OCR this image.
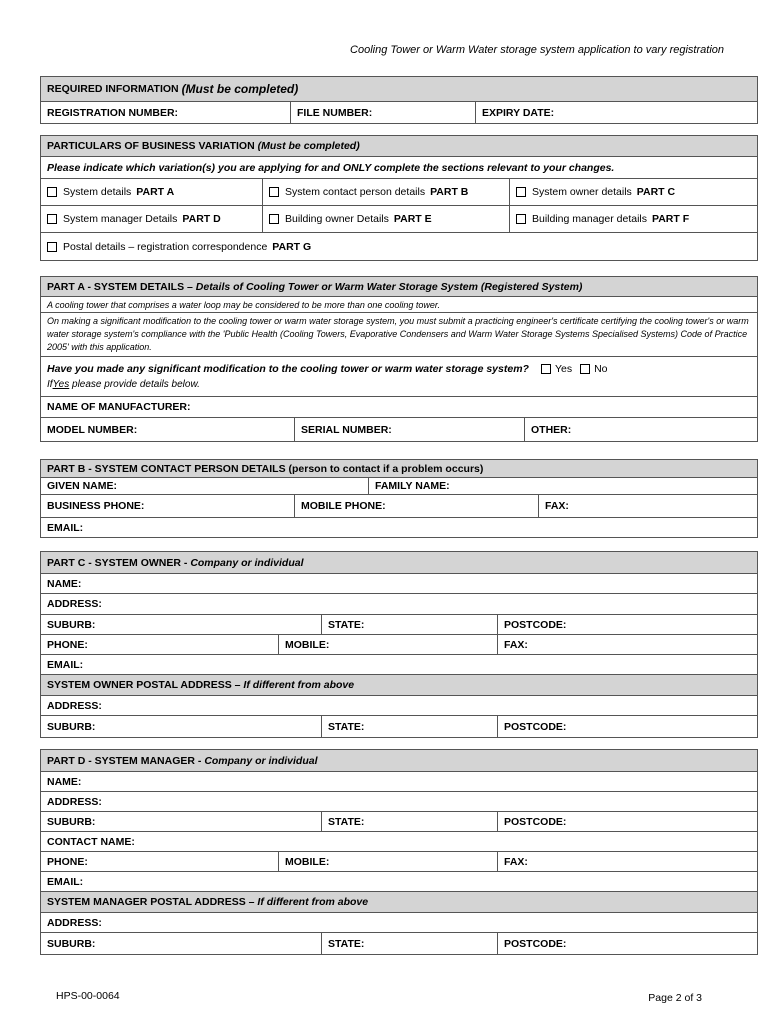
Cooling Tower or Warm Water storage system application to vary registration
REQUIRED INFORMATION
(Must be completed)
REGISTRATION NUMBER:	FILE NUMBER:	EXPIRY DATE:
PARTICULARS OF BUSINESS VARIATION
(Must be completed)
Please indicate which variation(s) you are applying for and ONLY complete the sections relevant to your changes.
System details PART A	System contact person details PART B	System owner details PART C
System manager Details PART D	Building owner Details PART E	Building manager details PART F
Postal details – registration correspondence PART G
PART A - SYSTEM DETAILS –
Details of Cooling Tower or Warm Water Storage System (Registered System)
A cooling tower that comprises a water loop may be considered to be more than one cooling tower.
On making a significant modification to the cooling tower or warm water storage system, you must submit a practicing engineer's certificate certifying the cooling tower's or warm water storage system's compliance with the 'Public Health (Cooling Towers, Evaporative Condensers and Warm Water Storage Systems Specialised Systems) Code of Practice 2005' with this application.
Have you made any significant modification to the cooling tower or warm water storage system? Yes No
If Yes please provide details below.
NAME OF MANUFACTURER:
MODEL NUMBER:	SERIAL NUMBER:	OTHER:
PART B - SYSTEM CONTACT PERSON DETAILS (person to contact if a problem occurs)
GIVEN NAME:	FAMILY NAME:
BUSINESS PHONE:	MOBILE PHONE:	FAX:
EMAIL:
PART C - SYSTEM OWNER - Company or individual
NAME:
ADDRESS:
SUBURB:	STATE:	POSTCODE:
PHONE:	MOBILE:	FAX:
EMAIL:
SYSTEM OWNER POSTAL ADDRESS – If different from above
ADDRESS:
SUBURB:	STATE:	POSTCODE:
PART D - SYSTEM MANAGER - Company or individual
NAME:
ADDRESS:
SUBURB:	STATE:	POSTCODE:
CONTACT NAME:
PHONE:	MOBILE:	FAX:
EMAIL:
SYSTEM MANAGER POSTAL ADDRESS – If different from above
ADDRESS:
SUBURB:	STATE:	POSTCODE:
HPS-00-0064	Page 2 of 3
